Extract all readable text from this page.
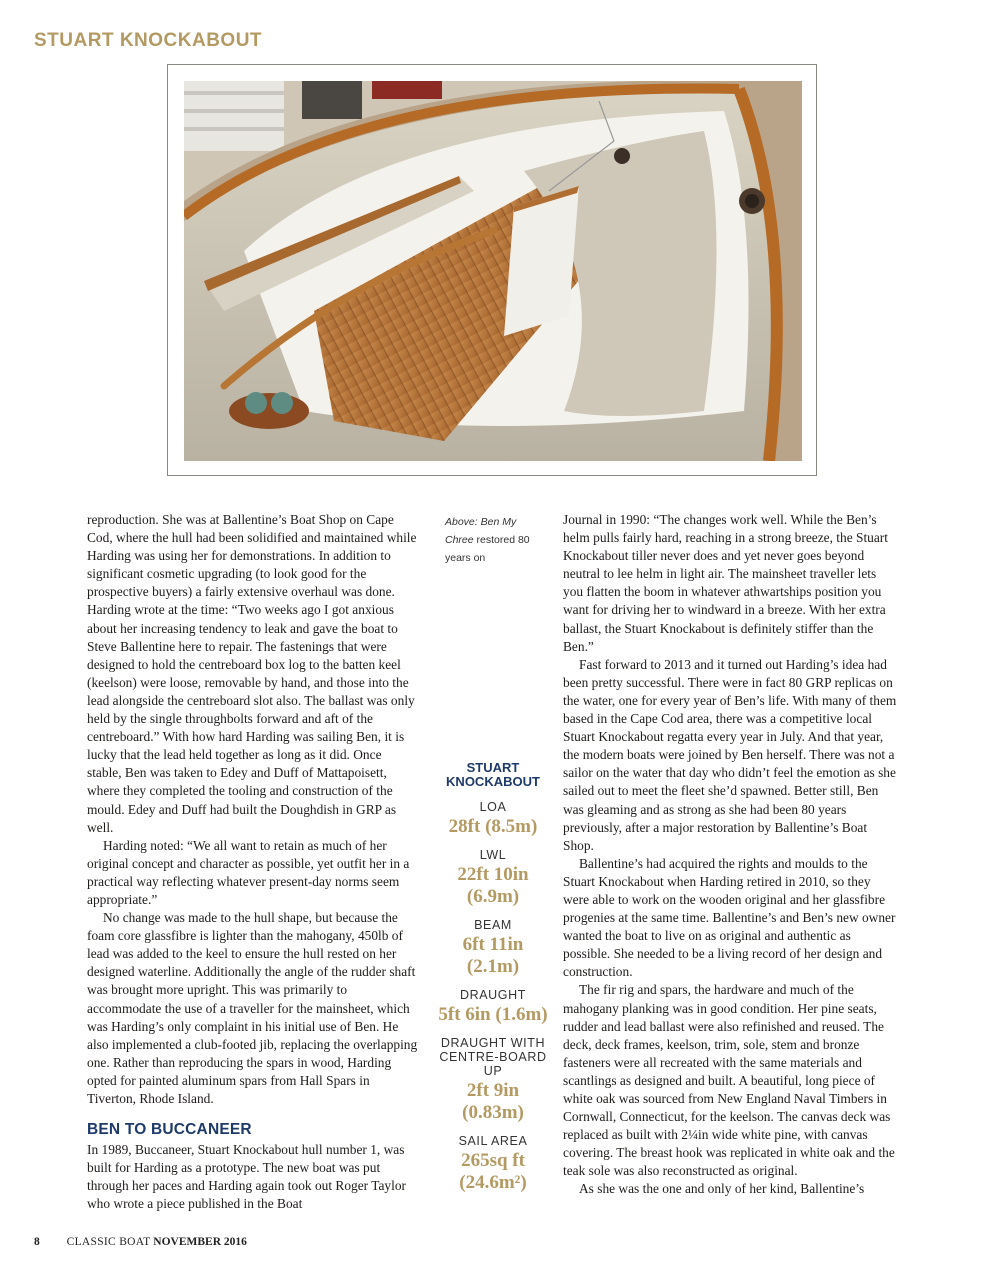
STUART KNOCKABOUT

reproduction. She was at Ballentine’s Boat Shop on Cape Cod, where the hull had been solidified and maintained while Harding was using her for demonstrations. In addition to significant cosmetic upgrading (to look good for the prospective buyers) a fairly extensive overhaul was done. Harding wrote at the time: “Two weeks ago I got anxious about her increasing tendency to leak and gave the boat to Steve Ballentine here to repair. The fastenings that were designed to hold the centreboard box log to the batten keel (keelson) were loose, removable by hand, and those into the lead alongside the centreboard slot also. The ballast was only held by the single throughbolts forward and aft of the centreboard.” With how hard Harding was sailing Ben, it is lucky that the lead held together as long as it did. Once stable, Ben was taken to Edey and Duff of Mattapoisett, where they completed the tooling and construction of the mould. Edey and Duff had built the Doughdish in GRP as well.

Harding noted: “We all want to retain as much of her original concept and character as possible, yet outfit her in a practical way reflecting whatever present-day norms seem appropriate.”

No change was made to the hull shape, but because the foam core glassfibre is lighter than the mahogany, 450lb of lead was added to the keel to ensure the hull rested on her designed waterline. Additionally the angle of the rudder shaft was brought more upright. This was primarily to accommodate the use of a traveller for the mainsheet, which was Harding’s only complaint in his initial use of Ben. He also implemented a club-footed jib, replacing the overlapping one. Rather than reproducing the spars in wood, Harding opted for painted aluminum spars from Hall Spars in Tiverton, Rhode Island.

BEN TO BUCCANEER

In 1989, Buccaneer, Stuart Knockabout hull number 1, was built for Harding as a prototype. The new boat was put through her paces and Harding again took out Roger Taylor who wrote a piece published in the Boat

Above: Ben My Chree restored 80 years on
STUART KNOCKABOUT
LOA
28ft (8.5m)
LWL
22ft 10in (6.9m)
BEAM
6ft 11in (2.1m)
DRAUGHT
5ft 6in (1.6m)
DRAUGHT WITH CENTRE-BOARD UP
2ft 9in (0.83m)
SAIL AREA
265sq ft (24.6m²)

Journal in 1990: “The changes work well. While the Ben’s helm pulls fairly hard, reaching in a strong breeze, the Stuart Knockabout tiller never does and yet never goes beyond neutral to lee helm in light air. The mainsheet traveller lets you flatten the boom in whatever athwartships position you want for driving her to windward in a breeze. With her extra ballast, the Stuart Knockabout is definitely stiffer than the Ben.”

Fast forward to 2013 and it turned out Harding’s idea had been pretty successful. There were in fact 80 GRP replicas on the water, one for every year of Ben’s life. With many of them based in the Cape Cod area, there was a competitive local Stuart Knockabout regatta every year in July. And that year, the modern boats were joined by Ben herself. There was not a sailor on the water that day who didn’t feel the emotion as she sailed out to meet the fleet she’d spawned. Better still, Ben was gleaming and as strong as she had been 80 years previously, after a major restoration by Ballentine’s Boat Shop.

Ballentine’s had acquired the rights and moulds to the Stuart Knockabout when Harding retired in 2010, so they were able to work on the wooden original and her glassfibre progenies at the same time. Ballentine’s and Ben’s new owner wanted the boat to live on as original and authentic as possible. She needed to be a living record of her design and construction.

The fir rig and spars, the hardware and much of the mahogany planking was in good condition. Her pine seats, rudder and lead ballast were also refinished and reused. The deck, deck frames, keelson, trim, sole, stem and bronze fasteners were all recreated with the same materials and scantlings as designed and built. A beautiful, long piece of white oak was sourced from New England Naval Timbers in Cornwall, Connecticut, for the keelson. The canvas deck was replaced as built with 2¼in wide white pine, with canvas covering. The breast hook was replicated in white oak and the teak sole was also reconstructed as original.

As she was the one and only of her kind, Ballentine’s

8 CLASSIC BOAT NOVEMBER 2016
